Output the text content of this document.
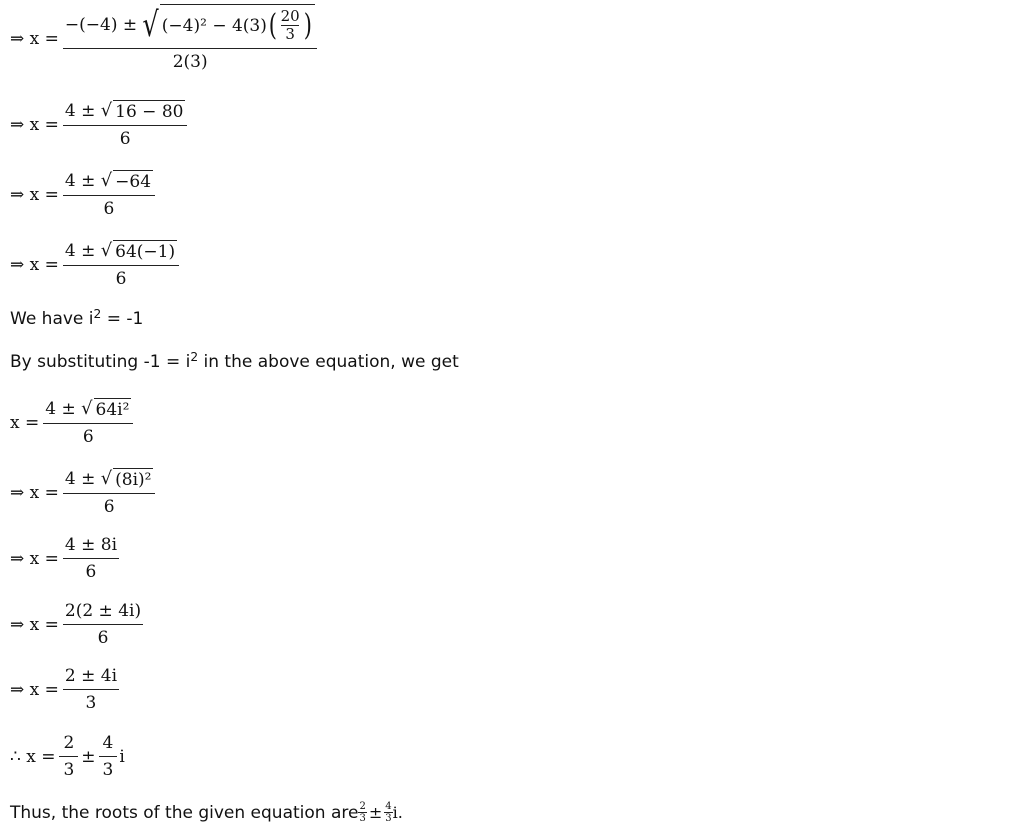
⇒ x =
−(−4) ± √ (−4)² − 4(3) ( $\frac{20}{3}$ )
2(3)
⇒ $x = \frac{4 \pm √ 16 - 80}{6}$
⇒ $x = \frac{4 \pm √ -64}{6}$
⇒ $x = \frac{4 \pm √ 64(-1)}{6}$
We have $i^2 = -1$
By substituting $-1 = i^2$ in the above equation, we get
$x = \frac{\text{4 ± √ 64i²}}{6}$
⇒ $x = \frac{\text{4 ± √ (8i)²}}{6}$
⇒ $x = \frac{4 \pm 8i}{6}$
⇒ $x = \frac{2(2 \pm 4i)}{6}$
⇒ $x = \frac{2 \pm 4i}{3}$
∴ $x = \frac{2}{3} \pm \frac{4}{3}$ i
Thus, the roots of the given equation are $\frac{2}{3} \pm \frac{4}{3} i$.
